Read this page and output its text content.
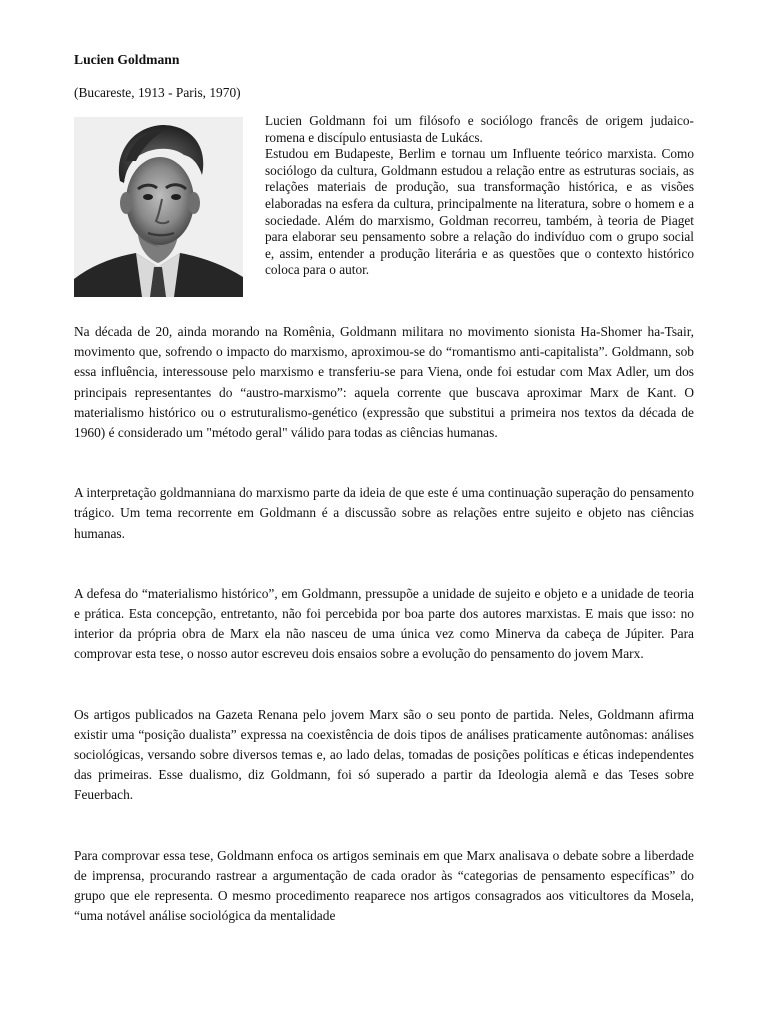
Lucien Goldmann
(Bucareste, 1913 - Paris, 1970)

Lucien Goldmann foi um filósofo e sociólogo francês de origem judaico-romena e discípulo entusiasta de Lukács.

Estudou em Budapeste, Berlim e tornau um Influente teórico marxista. Como sociólogo da cultura, Goldmann estudou a relação entre as estruturas sociais, as relações materiais de produção, sua transformação histórica, e as visões elaboradas na esfera da cultura, principalmente na literatura, sobre o homem e a sociedade. Além do marxismo, Goldman recorreu, também, à teoria de Piaget para elaborar seu pensamento sobre a relação do indivíduo com o grupo social e, assim, entender a produção literária e as questões que o contexto histórico coloca para o autor.

Na década de 20, ainda morando na Romênia, Goldmann militara no movimento sionista Ha-Shomer ha-Tsair, movimento que, sofrendo o impacto do marxismo, aproximou-se do “romantismo anti-capitalista”. Goldmann, sob essa influência, interessouse pelo marxismo e transferiu-se para Viena, onde foi estudar com Max Adler, um dos principais representantes do “austro-marxismo”: aquela corrente que buscava aproximar Marx de Kant. O materialismo histórico ou o estruturalismo-genético (expressão que substitui a primeira nos textos da década de 1960) é considerado um "método geral" válido para todas as ciências humanas.

A interpretação goldmanniana do marxismo parte da ideia de que este é uma continuação superação do pensamento trágico. Um tema recorrente em Goldmann é a discussão sobre as relações entre sujeito e objeto nas ciências humanas.

A defesa do “materialismo histórico”, em Goldmann, pressupõe a unidade de sujeito e objeto e a unidade de teoria e prática. Esta concepção, entretanto, não foi percebida por boa parte dos autores marxistas. E mais que isso: no interior da própria obra de Marx ela não nasceu de uma única vez como Minerva da cabeça de Júpiter. Para comprovar esta tese, o nosso autor escreveu dois ensaios sobre a evolução do pensamento do jovem Marx.

Os artigos publicados na Gazeta Renana pelo jovem Marx são o seu ponto de partida. Neles, Goldmann afirma existir uma “posição dualista” expressa na coexistência de dois tipos de análises praticamente autônomas: análises sociológicas, versando sobre diversos temas e, ao lado delas, tomadas de posições políticas e éticas independentes das primeiras. Esse dualismo, diz Goldmann, foi só superado a partir da Ideologia alemã e das Teses sobre Feuerbach.

Para comprovar essa tese, Goldmann enfoca os artigos seminais em que Marx analisava o debate sobre a liberdade de imprensa, procurando rastrear a argumentação de cada orador às “categorias de pensamento específicas” do grupo que ele representa. O mesmo procedimento reaparece nos artigos consagrados aos viticultores da Mosela, “uma notável análise sociológica da mentalidade
